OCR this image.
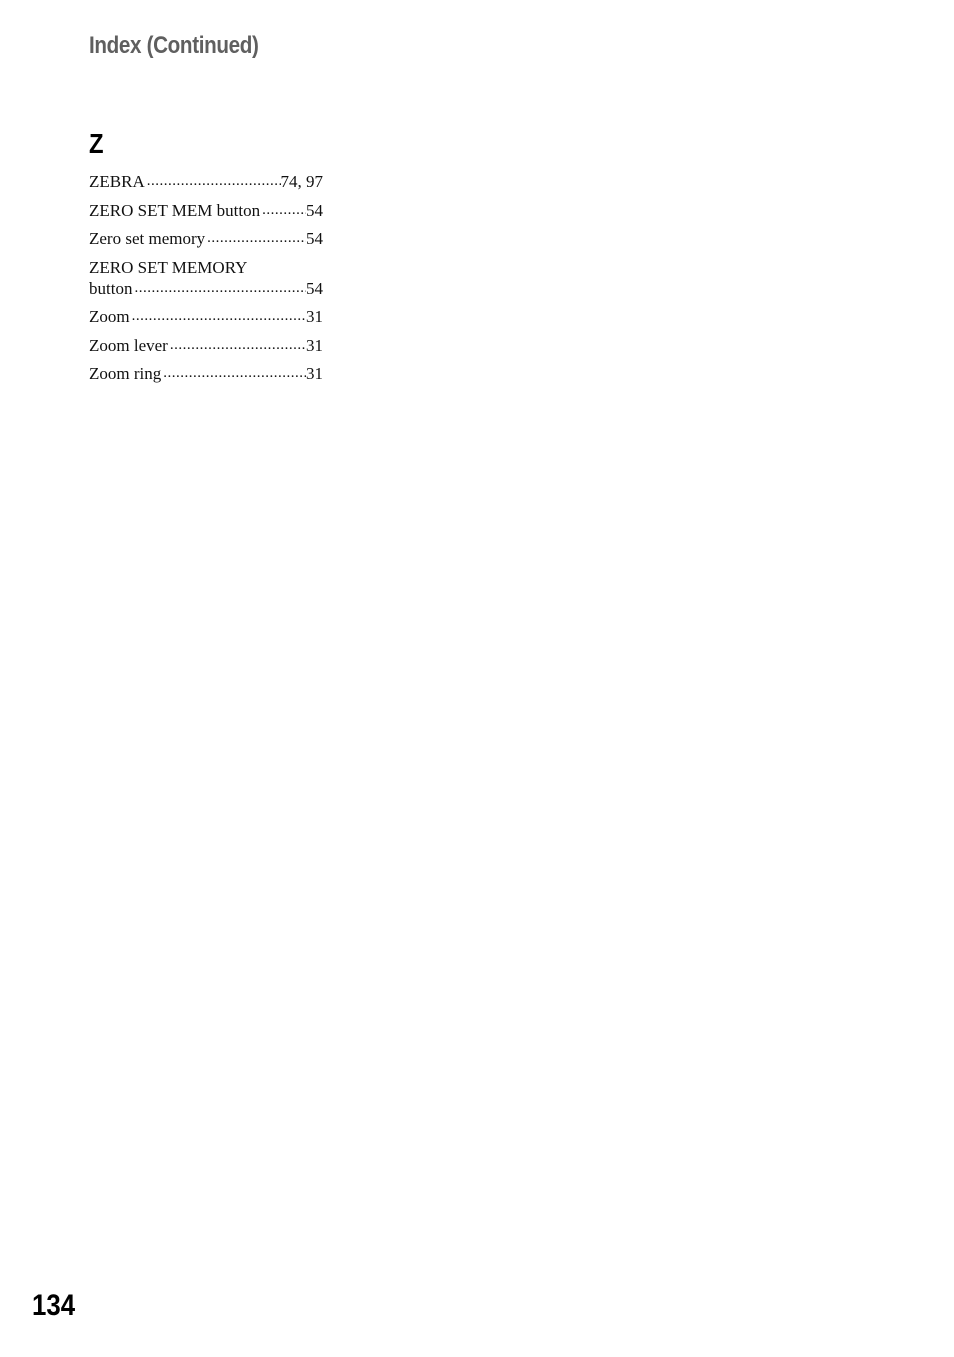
Index (Continued)
Z
ZEBRA .....	74, 97
ZERO SET MEM button .....	54
Zero set memory .....	54
ZERO SET MEMORY
button .....	54
Zoom .....	31
Zoom lever .....	31
Zoom ring .....	31
134
